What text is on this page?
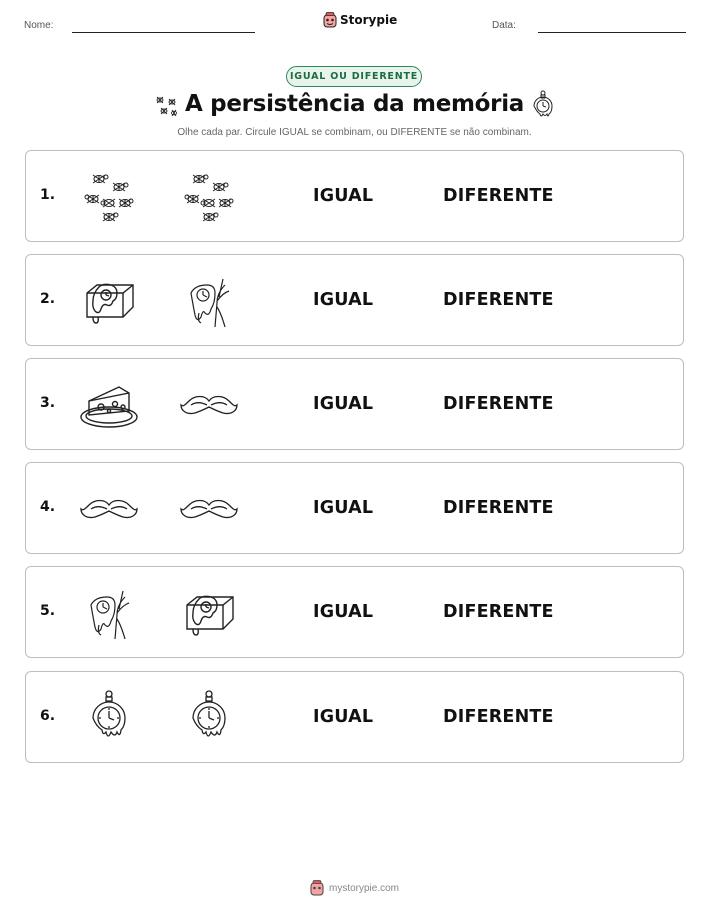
Nome:	Storypie	Data:
IGUAL OU DIFERENTE
A persistência da memória
Olhe cada par. Circule IGUAL se combinam, ou DIFERENTE se não combinam.
1.	IGUAL	DIFERENTE
2.	IGUAL	DIFERENTE
3.	IGUAL	DIFERENTE
4.	IGUAL	DIFERENTE
5.	IGUAL	DIFERENTE
6.	IGUAL	DIFERENTE
mystorypie.com
